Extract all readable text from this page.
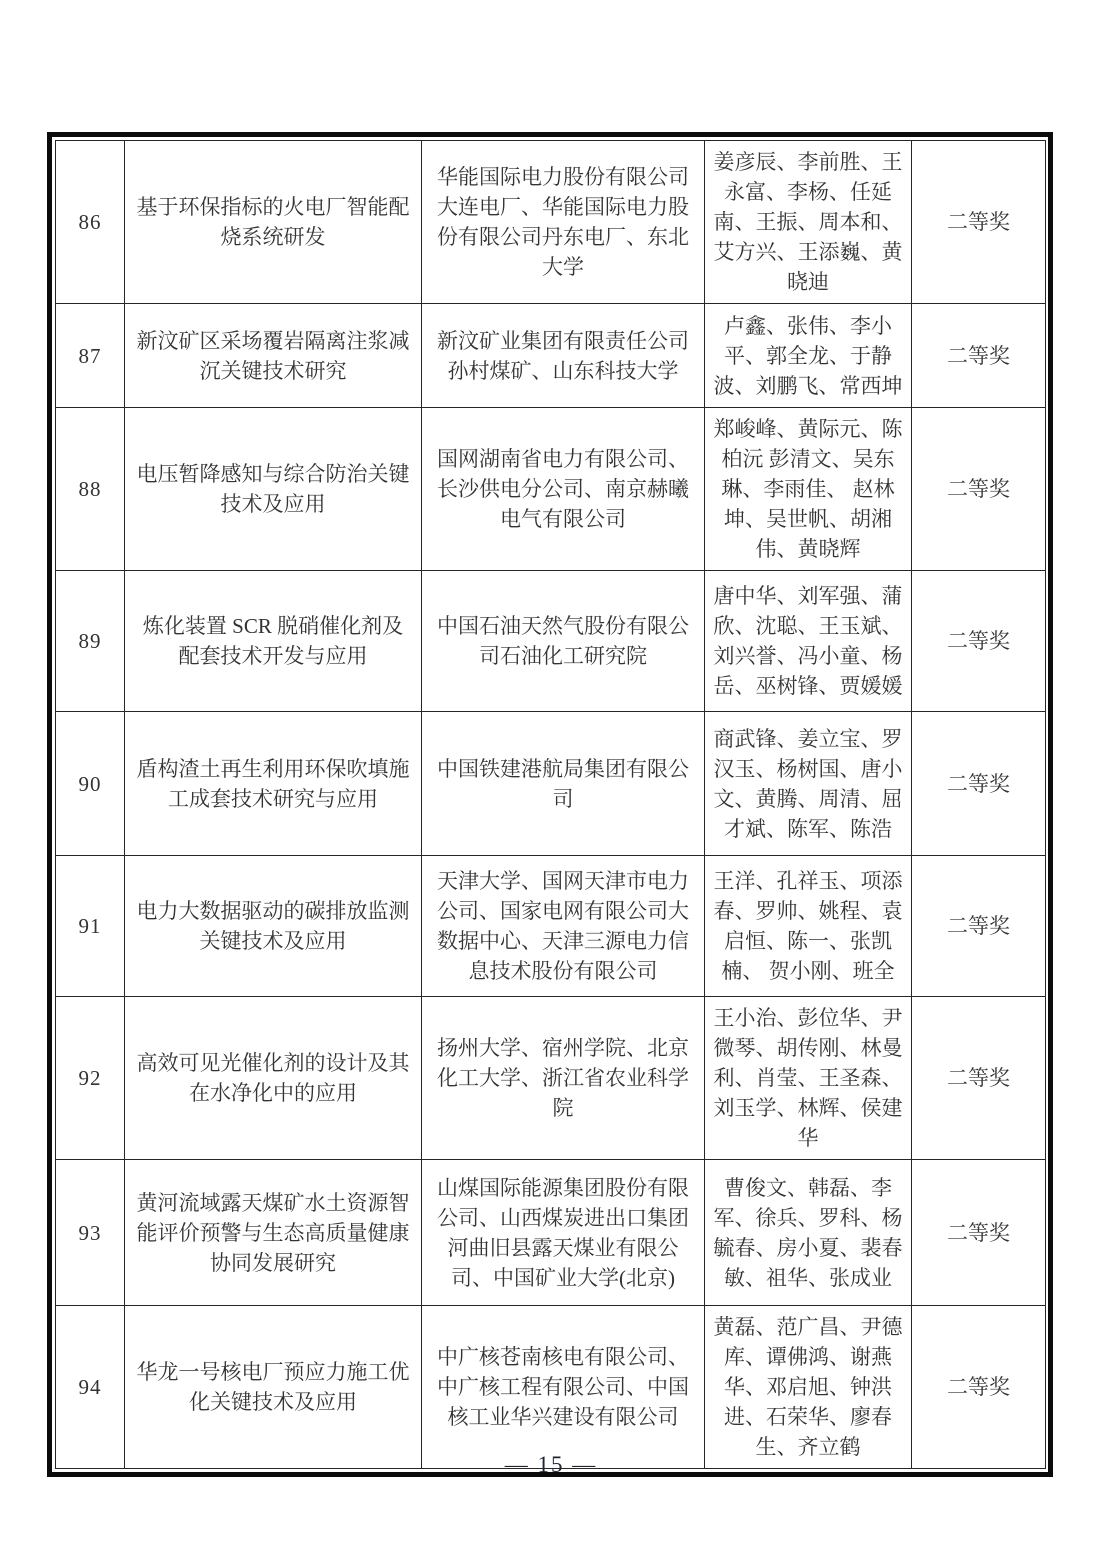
86	基于环保指标的火电厂智能配烧系统研发	华能国际电力股份有限公司大连电厂、华能国际电力股份有限公司丹东电厂、东北大学	姜彦辰、李前胜、王永富、李杨、任延南、王振、周本和、艾方兴、王添巍、黄晓迪	二等奖
87	新汶矿区采场覆岩隔离注浆减沉关键技术研究	新汶矿业集团有限责任公司孙村煤矿、山东科技大学	卢鑫、张伟、李小平、郭全龙、于静波、刘鹏飞、常西坤	二等奖
88	电压暂降感知与综合防治关键技术及应用	国网湖南省电力有限公司、长沙供电分公司、南京赫曦电气有限公司	郑峻峰、黄际元、陈柏沅 彭清文、吴东琳、李雨佳、 赵林坤、吴世帆、胡湘伟、黄晓辉	二等奖
89	炼化装置 SCR 脱硝催化剂及配套技术开发与应用	中国石油天然气股份有限公司石油化工研究院	唐中华、刘军强、蒲欣、沈聪、王玉斌、刘兴誉、冯小童、杨岳、巫树锋、贾媛媛	二等奖
90	盾构渣土再生利用环保吹填施工成套技术研究与应用	中国铁建港航局集团有限公司	商武锋、姜立宝、罗汉玉、杨树国、唐小文、黄腾、周清、屈才斌、陈军、陈浩	二等奖
91	电力大数据驱动的碳排放监测关键技术及应用	天津大学、国网天津市电力公司、国家电网有限公司大数据中心、天津三源电力信息技术股份有限公司	王洋、孔祥玉、项添春、罗帅、姚程、袁启恒、陈一、张凯楠、 贺小刚、班全	二等奖
92	高效可见光催化剂的设计及其在水净化中的应用	扬州大学、宿州学院、北京化工大学、浙江省农业科学院	王小治、彭位华、尹微琴、胡传刚、林曼利、肖莹、王圣森、刘玉学、林辉、侯建华	二等奖
93	黄河流域露天煤矿水土资源智能评价预警与生态高质量健康协同发展研究	山煤国际能源集团股份有限公司、山西煤炭进出口集团河曲旧县露天煤业有限公司、中国矿业大学(北京)	曹俊文、韩磊、李军、徐兵、罗科、杨毓春、房小夏、裴春敏、祖华、张成业	二等奖
94	华龙一号核电厂预应力施工优化关键技术及应用	中广核苍南核电有限公司、中广核工程有限公司、中国核工业华兴建设有限公司	黄磊、范广昌、尹德库、谭佛鸿、谢燕华、邓启旭、钟洪进、石荣华、廖春生、齐立鹤	二等奖
— 15 —
